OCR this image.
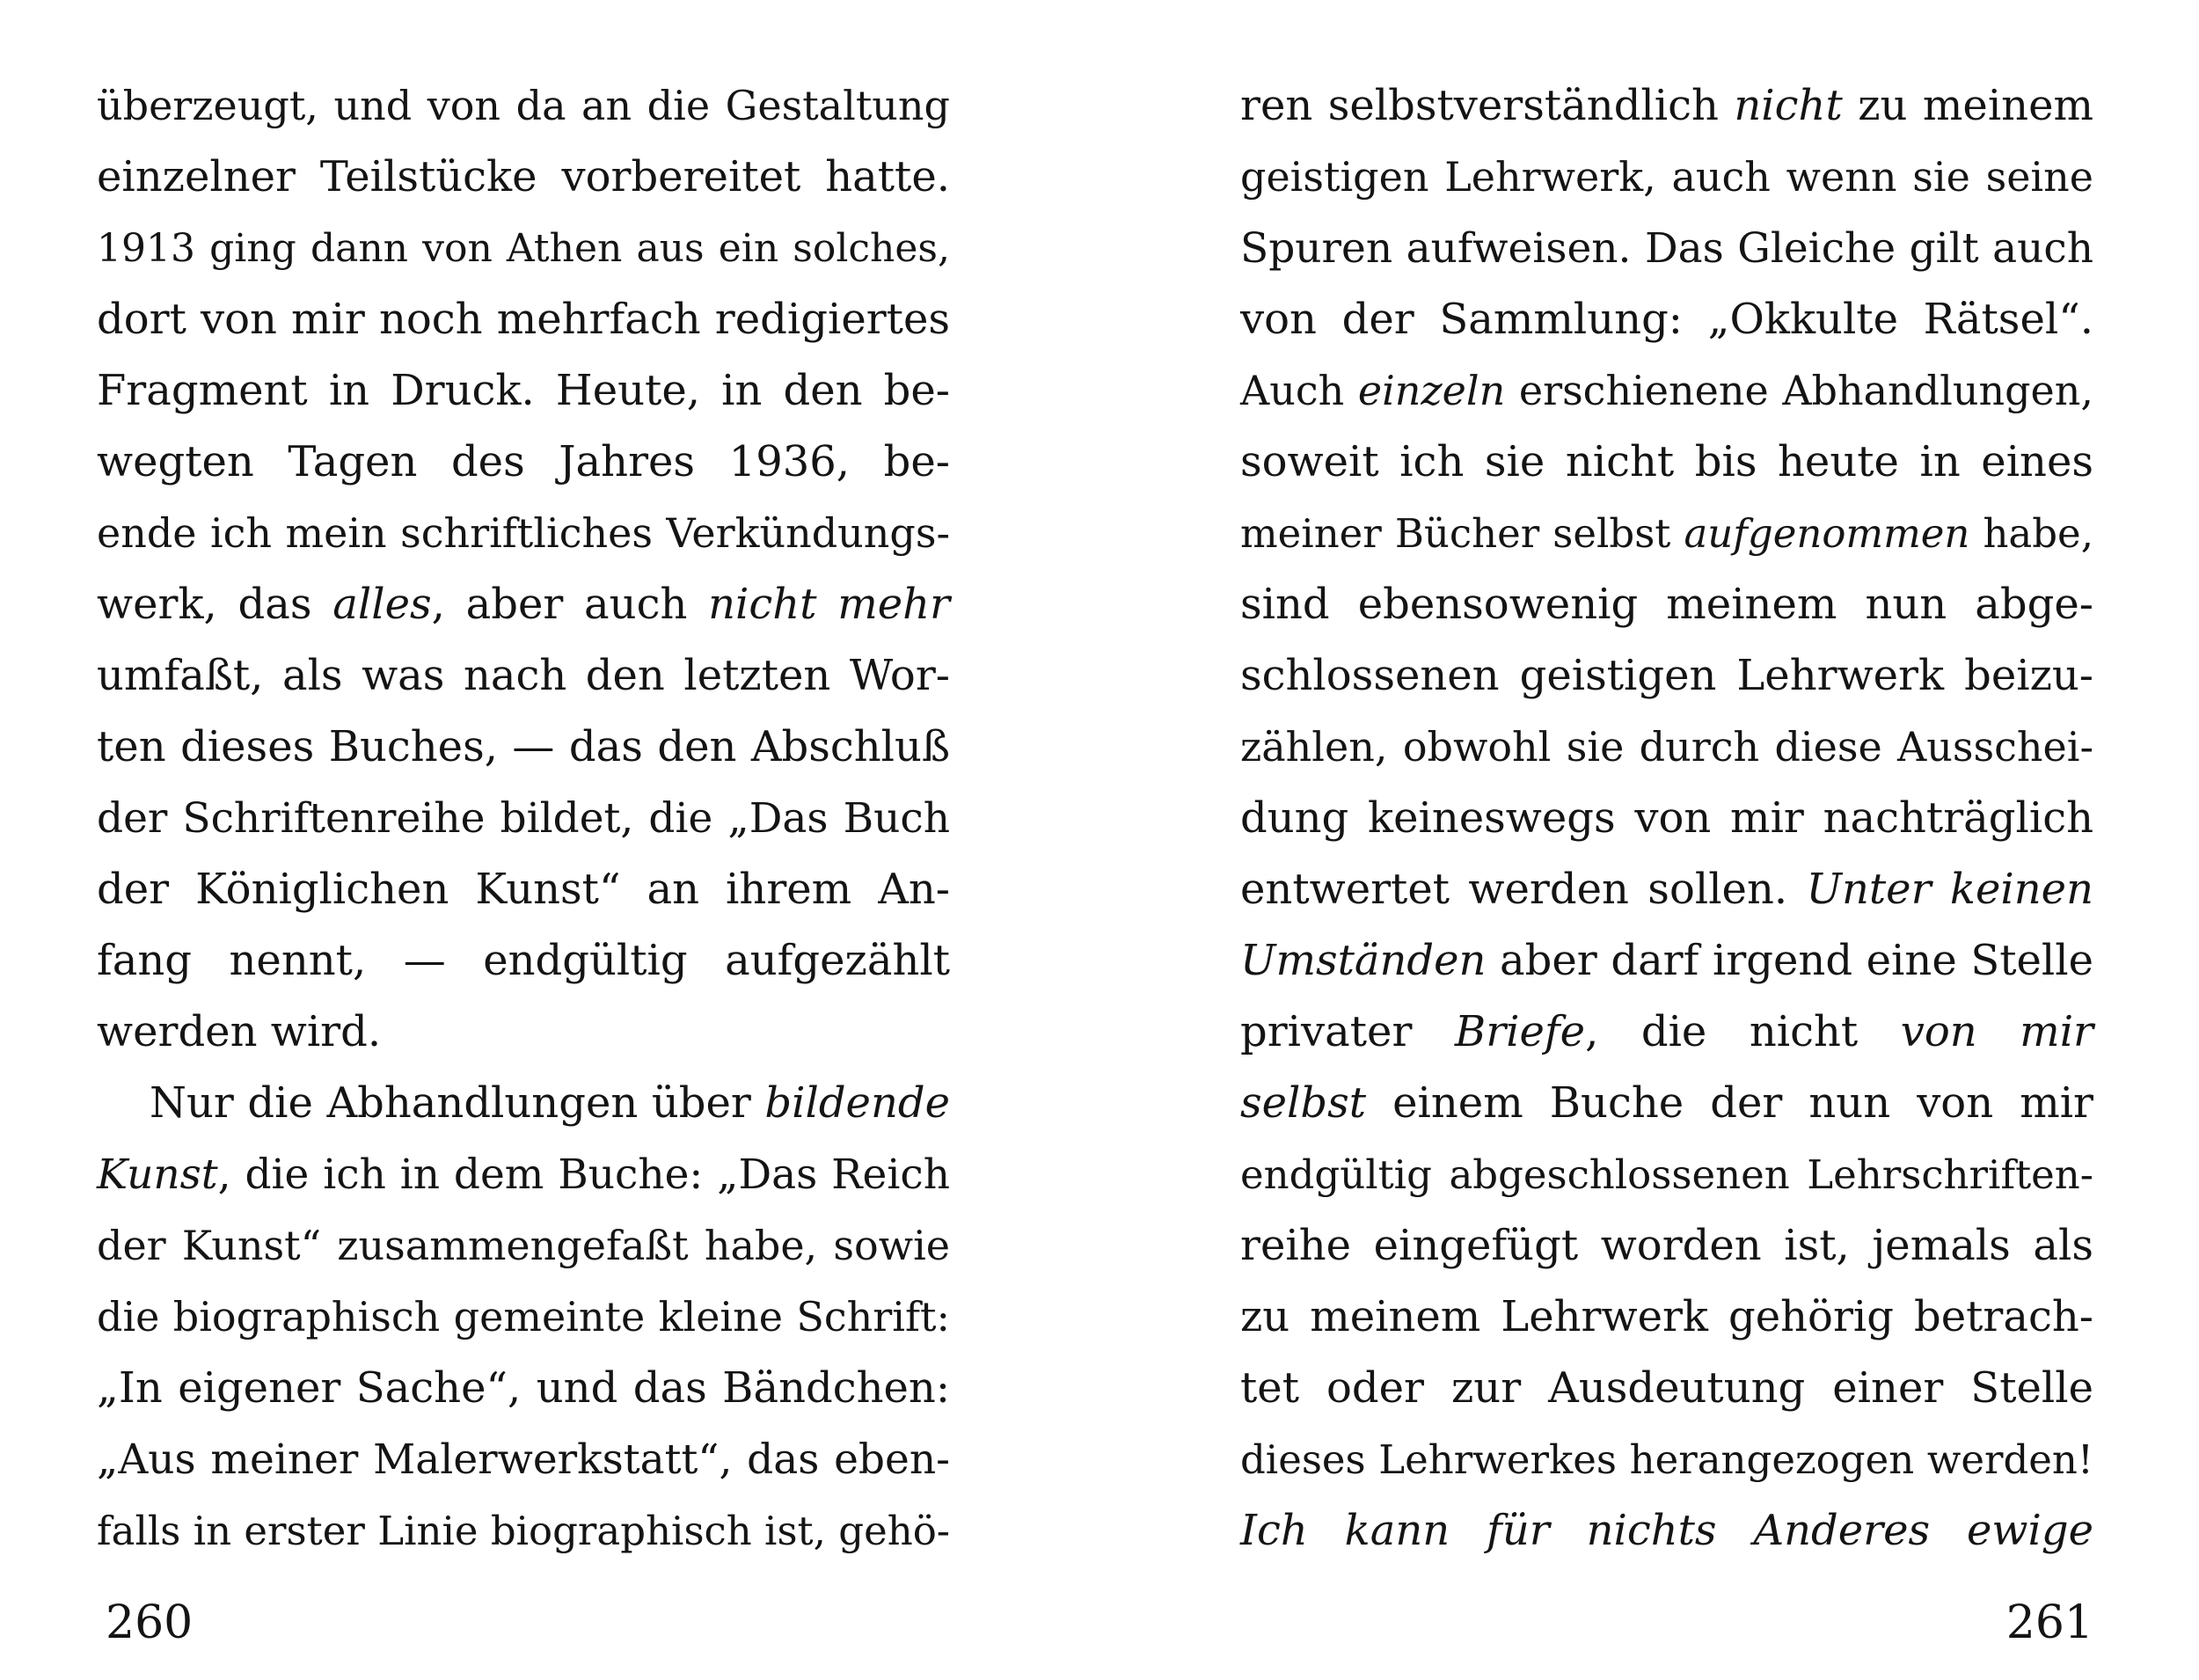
überzeugt, und von da an die Gestaltung
einzelner Teilstücke vorbereitet hatte.
1913 ging dann von Athen aus ein solches,
dort von mir noch mehrfach redigiertes
Fragment in Druck. Heute, in den be-
wegten Tagen des Jahres 1936, be-
ende ich mein schriftliches Verkündungs-
werk, das alles, aber auch nicht mehr
umfaßt, als was nach den letzten Wor-
ten dieses Buches, — das den Abschluß
der Schriftenreihe bildet, die „Das Buch
der Königlichen Kunst“ an ihrem An-
fang nennt, — endgültig aufgezählt
werden wird.
Nur die Abhandlungen über bildende
Kunst, die ich in dem Buche: „Das Reich
der Kunst“ zusammengefaßt habe, sowie
die biographisch gemeinte kleine Schrift:
„In eigener Sache“, und das Bändchen:
„Aus meiner Malerwerkstatt“, das eben-
falls in erster Linie biographisch ist, gehö-
260
ren selbstverständlich nicht zu meinem
geistigen Lehrwerk, auch wenn sie seine
Spuren aufweisen. Das Gleiche gilt auch
von der Sammlung: „Okkulte Rätsel“.
Auch einzeln erschienene Abhandlungen,
soweit ich sie nicht bis heute in eines
meiner Bücher selbst aufgenommen habe,
sind ebensowenig meinem nun abge-
schlossenen geistigen Lehrwerk beizu-
zählen, obwohl sie durch diese Ausschei-
dung keineswegs von mir nachträglich
entwertet werden sollen. Unter keinen
Umständen aber darf irgend eine Stelle
privater Briefe, die nicht von mir
selbst einem Buche der nun von mir
endgültig abgeschlossenen Lehrschriften-
reihe eingefügt worden ist, jemals als
zu meinem Lehrwerk gehörig betrach-
tet oder zur Ausdeutung einer Stelle
dieses Lehrwerkes herangezogen werden!
Ich kann für nichts Anderes ewige
261
